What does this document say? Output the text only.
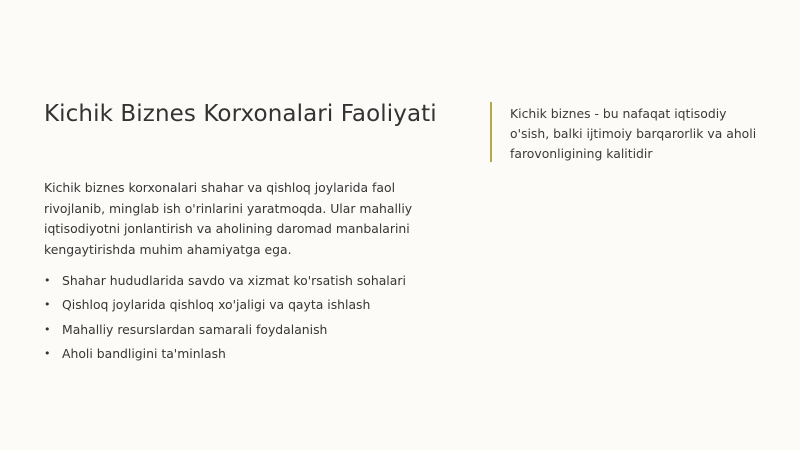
Kichik Biznes Korxonalari Faoliyati	Kichik biznes - bu nafaqat iqtisodiy o'sish, balki ijtimoiy barqarorlik va aholi farovonligining kalitidir

Kichik biznes korxonalari shahar va qishloq joylarida faol rivojlanib, minglab ish o'rinlarini yaratmoqda. Ular mahalliy iqtisodiyotni jonlantirish va aholining daromad manbalarini kengaytirishda muhim ahamiyatga ega.

• Shahar hududlarida savdo va xizmat ko'rsatish sohalari
• Qishloq joylarida qishloq xo'jaligi va qayta ishlash
• Mahalliy resurslardan samarali foydalanish
• Aholi bandligini ta'minlash
